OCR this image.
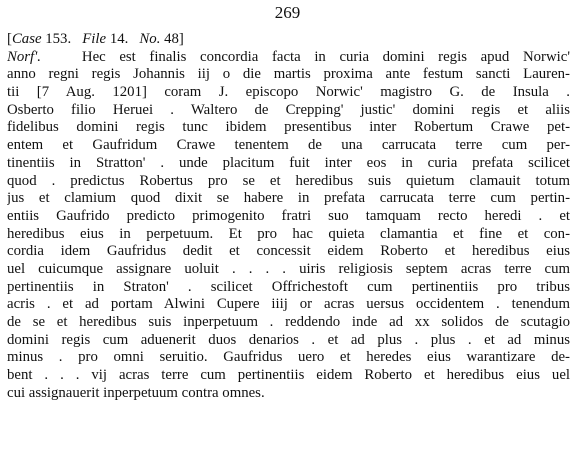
269
[Case 153. File 14. No. 48]
Norf'.	Hec est finalis concordia facta in curia domini regis apud Norwic'
anno regni regis Johannis iij o die martis proxima ante festum sancti Lauren-
tii [7 Aug. 1201] coram J. episcopo Norwic' magistro G. de Insula .
Osberto filio Heruei . Waltero de Crepping' justic' domini regis et aliis
fidelibus domini regis tunc ibidem presentibus inter Robertum Crawe pet-
entem et Gaufridum Crawe tenentem de una carrucata terre cum per-
tinentiis in Stratton' . unde placitum fuit inter eos in curia prefata scilicet
quod . predictus Robertus pro se et heredibus suis quietum clamauit totum
jus et clamium quod dixit se habere in prefata carrucata terre cum pertin-
entiis Gaufrido predicto primogenito fratri suo tamquam recto heredi . et
heredibus eius in perpetuum. Et pro hac quieta clamantia et fine et con-
cordia idem Gaufridus dedit et concessit eidem Roberto et heredibus eius
uel cuicumque assignare uoluit . . . . uiris religiosis septem acras terre cum
pertinentiis in Straton' . scilicet Offrichestoft cum pertinentiis pro tribus
acris . et ad portam Alwini Cupere iiij or acras uersus occidentem . tenendum
de se et heredibus suis inperpetuum . reddendo inde ad xx solidos de scutagio
domini regis cum aduenerit duos denarios . et ad plus . plus . et ad minus
minus . pro omni seruitio. Gaufridus uero et heredes eius warantizare de-
bent . . . vij acras terre cum pertinentiis eidem Roberto et heredibus eius uel
cui assignauerit inperpetuum contra omnes.
